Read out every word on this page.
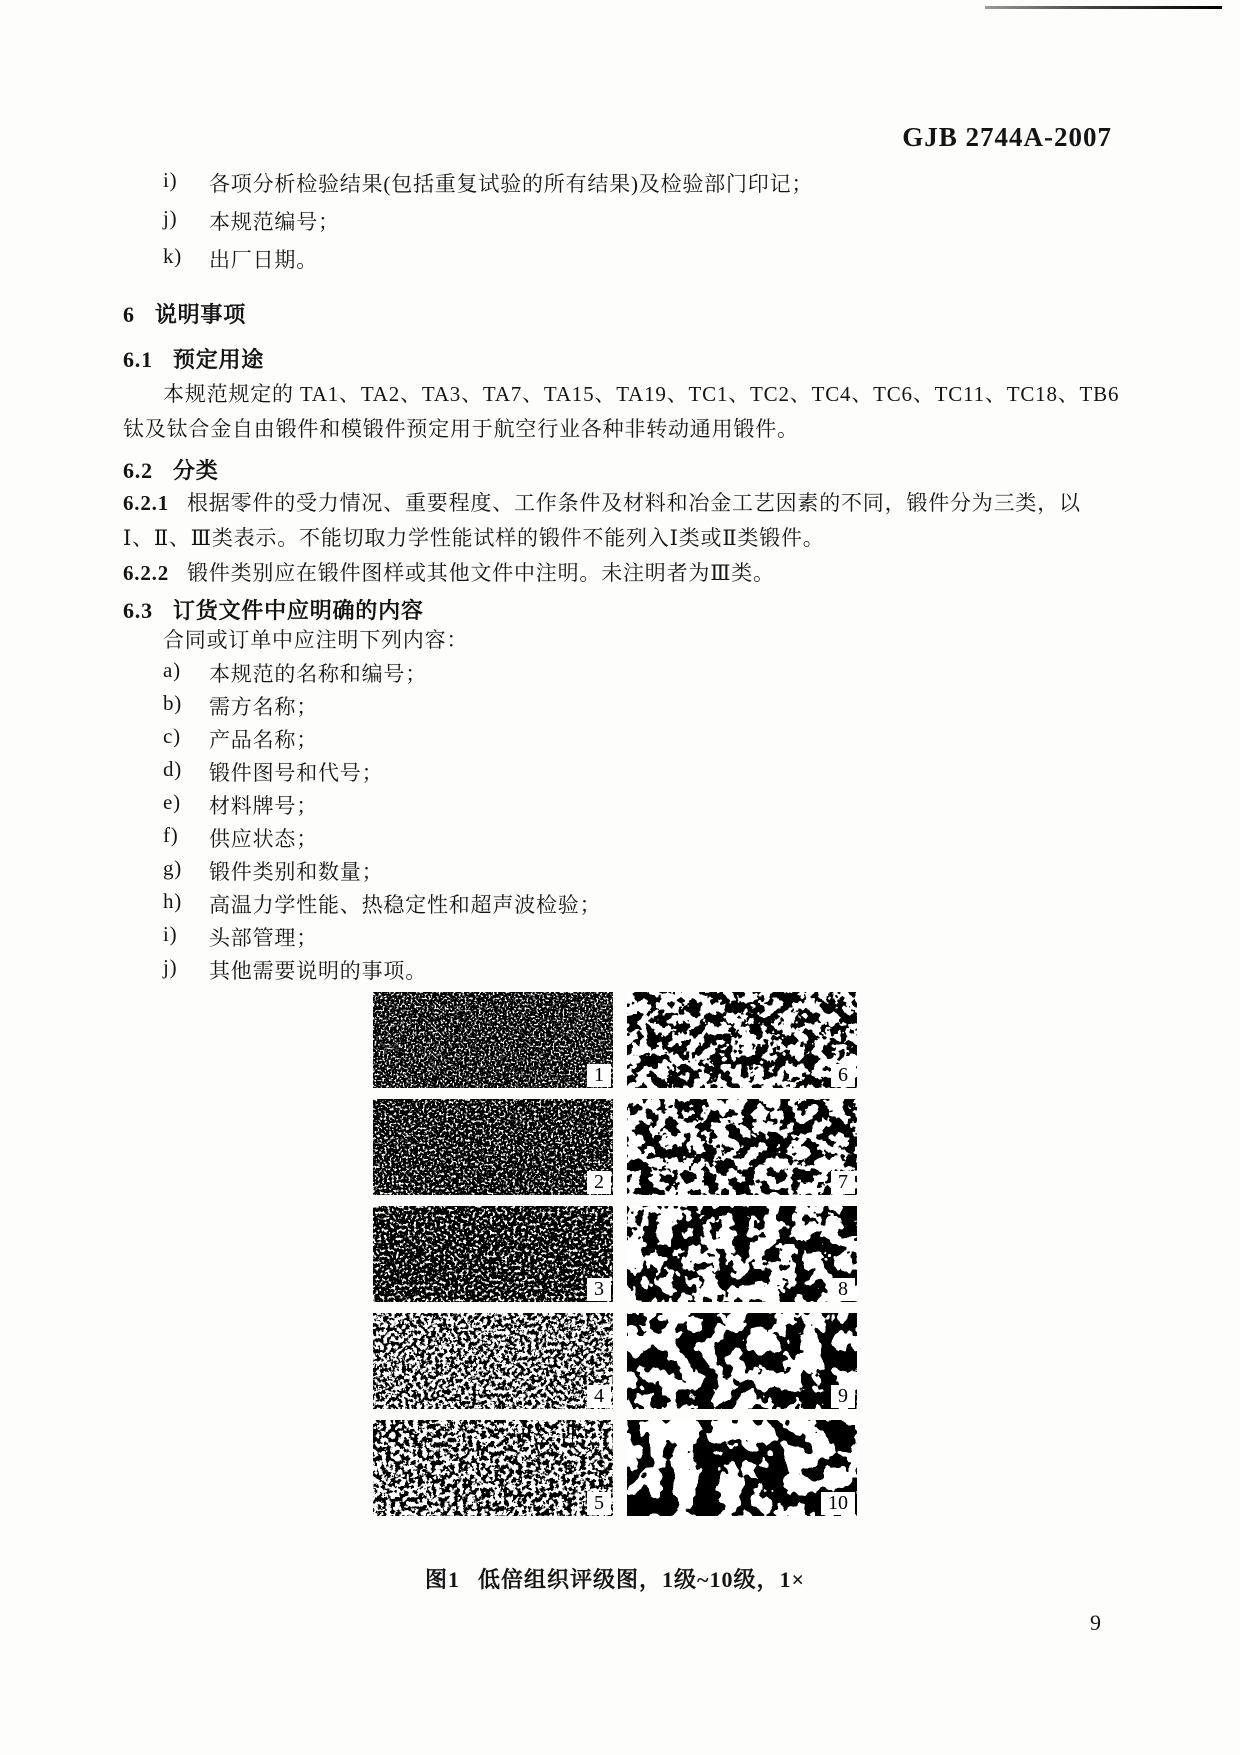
GJB 2744A-2007
i)	各项分析检验结果(包括重复试验的所有结果)及检验部门印记；
j)	本规范编号；
k)	出厂日期。
6 说明事项
6.1 预定用途
本规范规定的 TA1、TA2、TA3、TA7、TA15、TA19、TC1、TC2、TC4、TC6、TC11、TC18、TB6
钛及钛合金自由锻件和模锻件预定用于航空行业各种非转动通用锻件。
6.2 分类
6.2.1 根据零件的受力情况、重要程度、工作条件及材料和冶金工艺因素的不同，锻件分为三类，以
Ⅰ、Ⅱ、Ⅲ类表示。不能切取力学性能试样的锻件不能列入Ⅰ类或Ⅱ类锻件。
6.2.2 锻件类别应在锻件图样或其他文件中注明。未注明者为Ⅲ类。
6.3 订货文件中应明确的内容
合同或订单中应注明下列内容：
a)	本规范的名称和编号；
b)	需方名称；
c)	产品名称；
d)	锻件图号和代号；
e)	材料牌号；
f)	供应状态；
g)	锻件类别和数量；
h)	高温力学性能、热稳定性和超声波检验；
i)	头部管理；
j)	其他需要说明的事项。
1
2
3
4
5
6
7
8
9
10
图1 低倍组织评级图，1级~10级，1×
9
